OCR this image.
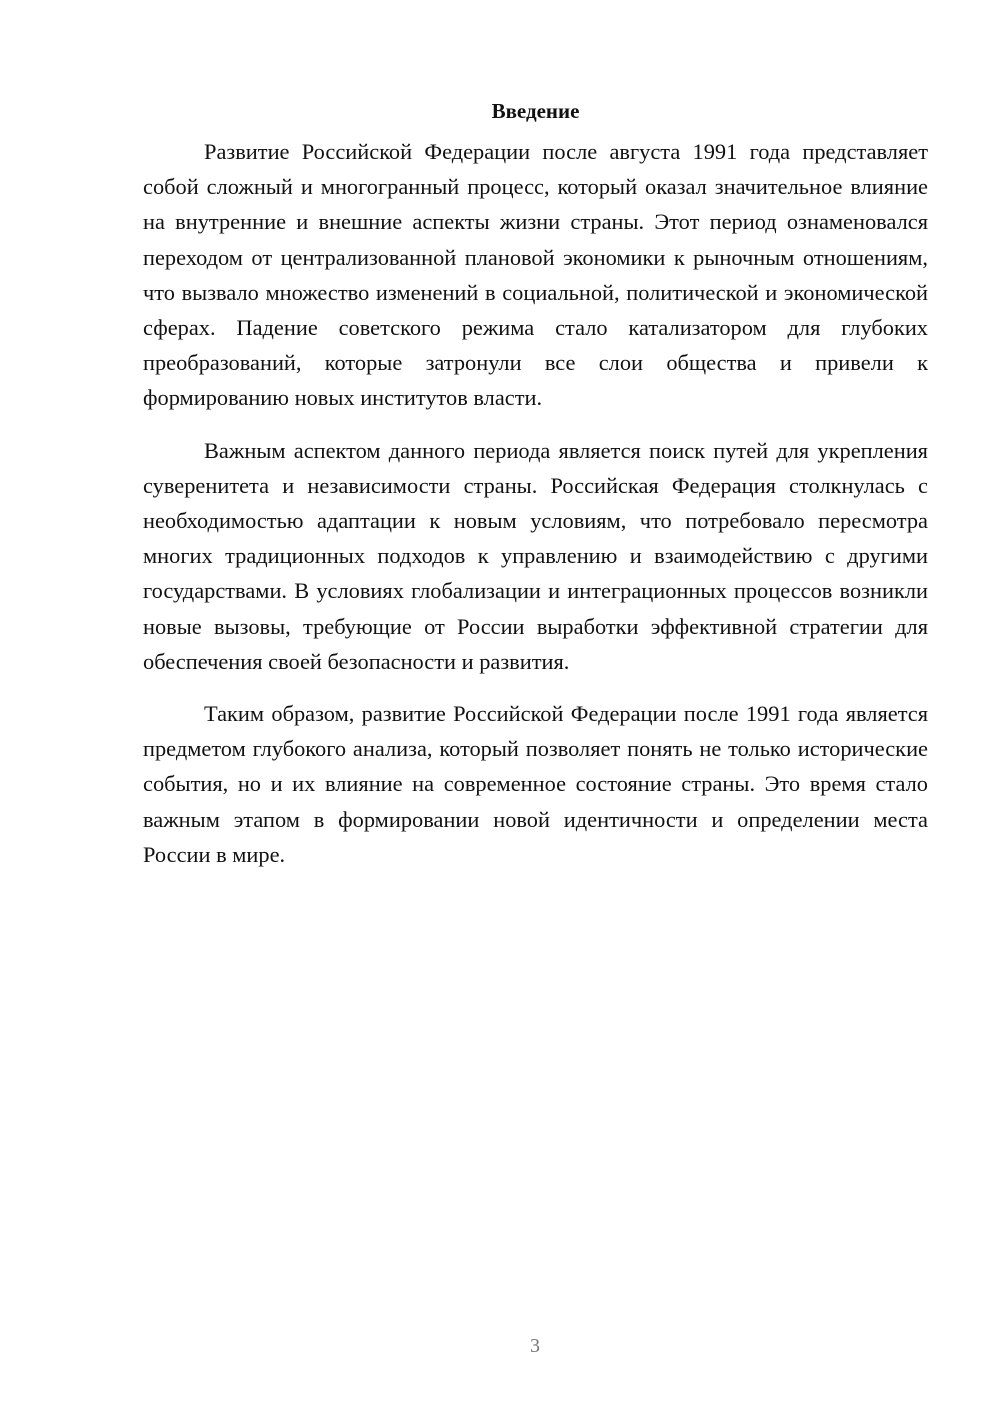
Введение

Развитие Российской Федерации после августа 1991 года представляет собой сложный и многогранный процесс, который оказал значительное влияние на внутренние и внешние аспекты жизни страны. Этот период ознаменовался переходом от централизованной плановой экономики к рыночным отношениям, что вызвало множество изменений в социальной, политической и экономической сферах. Падение советского режима стало катализатором для глубоких преобразований, которые затронули все слои общества и привели к формированию новых институтов власти.

Важным аспектом данного периода является поиск путей для укрепления суверенитета и независимости страны. Российская Федерация столкнулась с необходимостью адаптации к новым условиям, что потребовало пересмотра многих традиционных подходов к управлению и взаимодействию с другими государствами. В условиях глобализации и интеграционных процессов возникли новые вызовы, требующие от России выработки эффективной стратегии для обеспечения своей безопасности и развития.

Таким образом, развитие Российской Федерации после 1991 года является предметом глубокого анализа, который позволяет понять не только исторические события, но и их влияние на современное состояние страны. Это время стало важным этапом в формировании новой идентичности и определении места России в мире.

3
